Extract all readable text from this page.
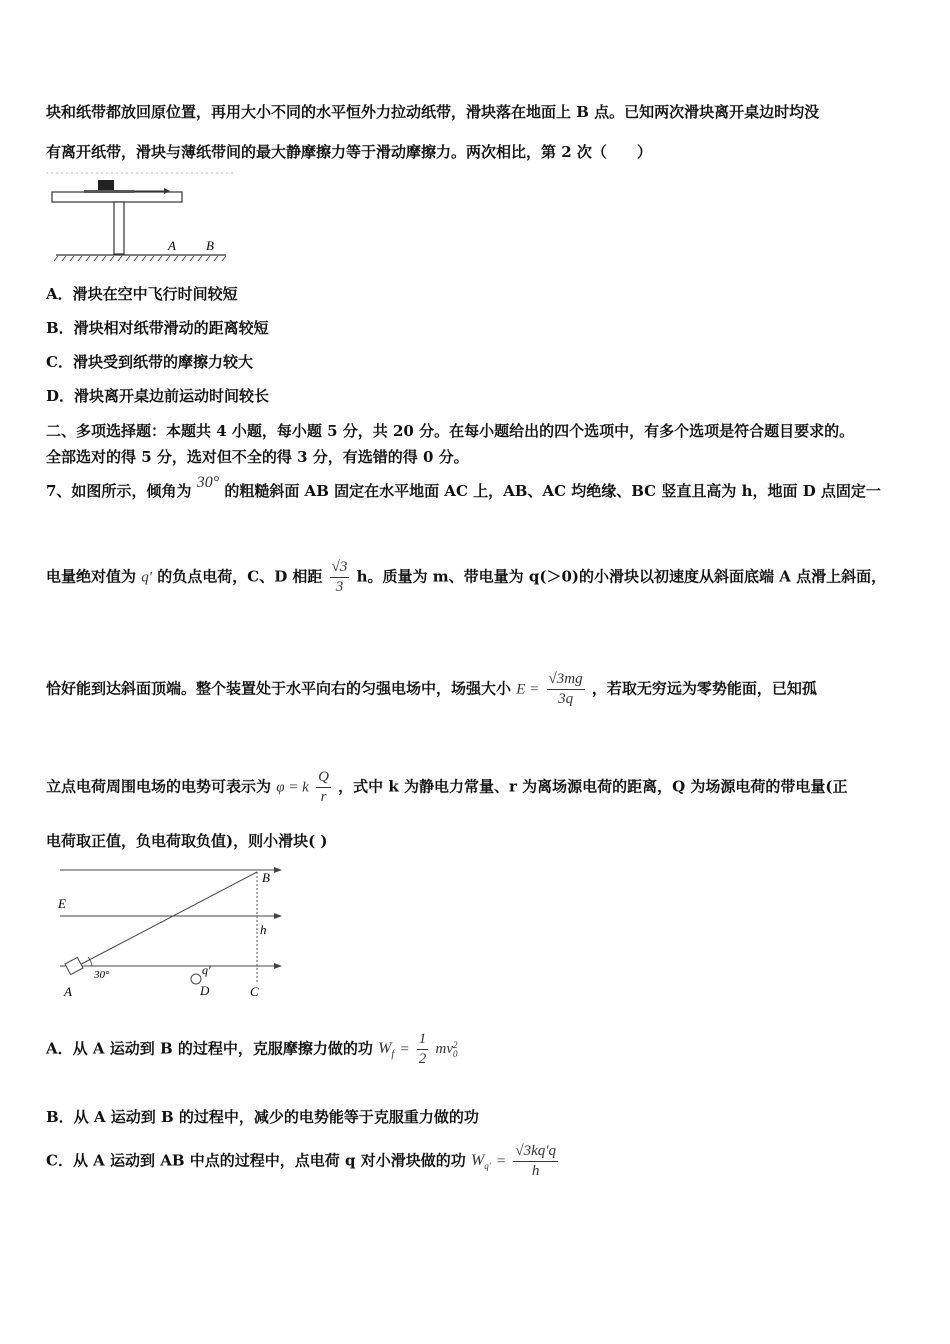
块和纸带都放回原位置，再用大小不同的水平恒外力拉动纸带，滑块落在地面上 B 点。已知两次滑块离开桌边时均没
有离开纸带，滑块与薄纸带间的最大静摩擦力等于滑动摩擦力。两次相比，第 2 次（　　）
A B
A．滑块在空中飞行时间较短
B．滑块相对纸带滑动的距离较短
C．滑块受到纸带的摩擦力较大
D．滑块离开桌边前运动时间较长
二、多项选择题：本题共 4 小题，每小题 5 分，共 20 分。在每小题给出的四个选项中，有多个选项是符合题目要求的。
全部选对的得 5 分，选对但不全的得 3 分，有选错的得 0 分。
7、如图所示，倾角为 30° 的粗糙斜面 AB 固定在水平地面 AC 上，AB、AC 均绝缘、BC 竖直且高为 h，地面 D 点固定一
电量绝对值为 q′ 的负点电荷，C、D 相距 $\frac{√3}{3}$ h。质量为 m、带电量为 q(＞0)的小滑块以初速度从斜面底端 A 点滑上斜面，
恰好能到达斜面顶端。整个装置处于水平向右的匀强电场中，场强大小 $E = \frac{√3mg}{3q}$ ，若取无穷远为零势能面，已知孤
立点电荷周围电场的电势可表示为 φ = k $\frac{Q}{r}$ ，式中 k 为静电力常量、r 为离场源电荷的距离，Q 为场源电荷的带电量(正
电荷取正值，负电荷取负值)，则小滑块( )
E
B
h
30°
A
q′
D	C
A．从 A 运动到 B 的过程中，克服摩擦力做的功 $W_f = \frac{1}{2}$ mv 2
0
B．从 A 运动到 B 的过程中，减少的电势能等于克服重力做的功
C．从 A 运动到 AB 中点的过程中，点电荷 q 对小滑块做的功 $W_{q'} = \frac{√3kq'q}{h}$
